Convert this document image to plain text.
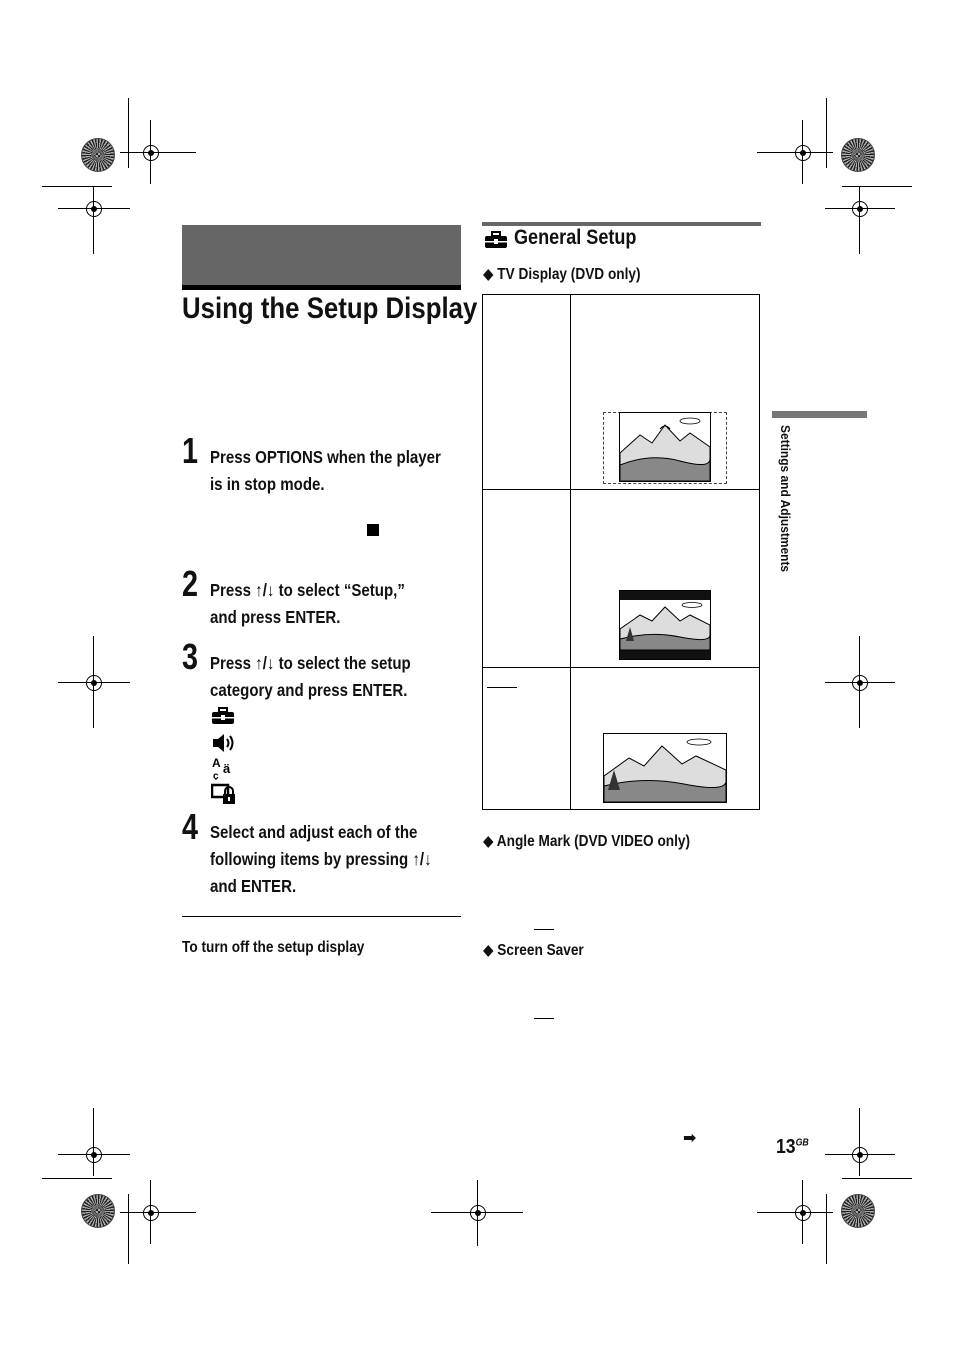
Using the Setup Display
1 Press OPTIONS when the player
is in stop mode.
2 Press ↑/↓ to select “Setup,”
and press ENTER.
3 Press ↑/↓ to select the setup
category and press ENTER.
A ä
ç
4 Select and adjust each of the
following items by pressing ↑/↓
and ENTER.
To turn off the setup display
General Setup
◆ TV Display (DVD only)
◆ Angle Mark (DVD VIDEO only)
◆ Screen Saver
Settings and Adjustments
➡	$13^{GB}$
